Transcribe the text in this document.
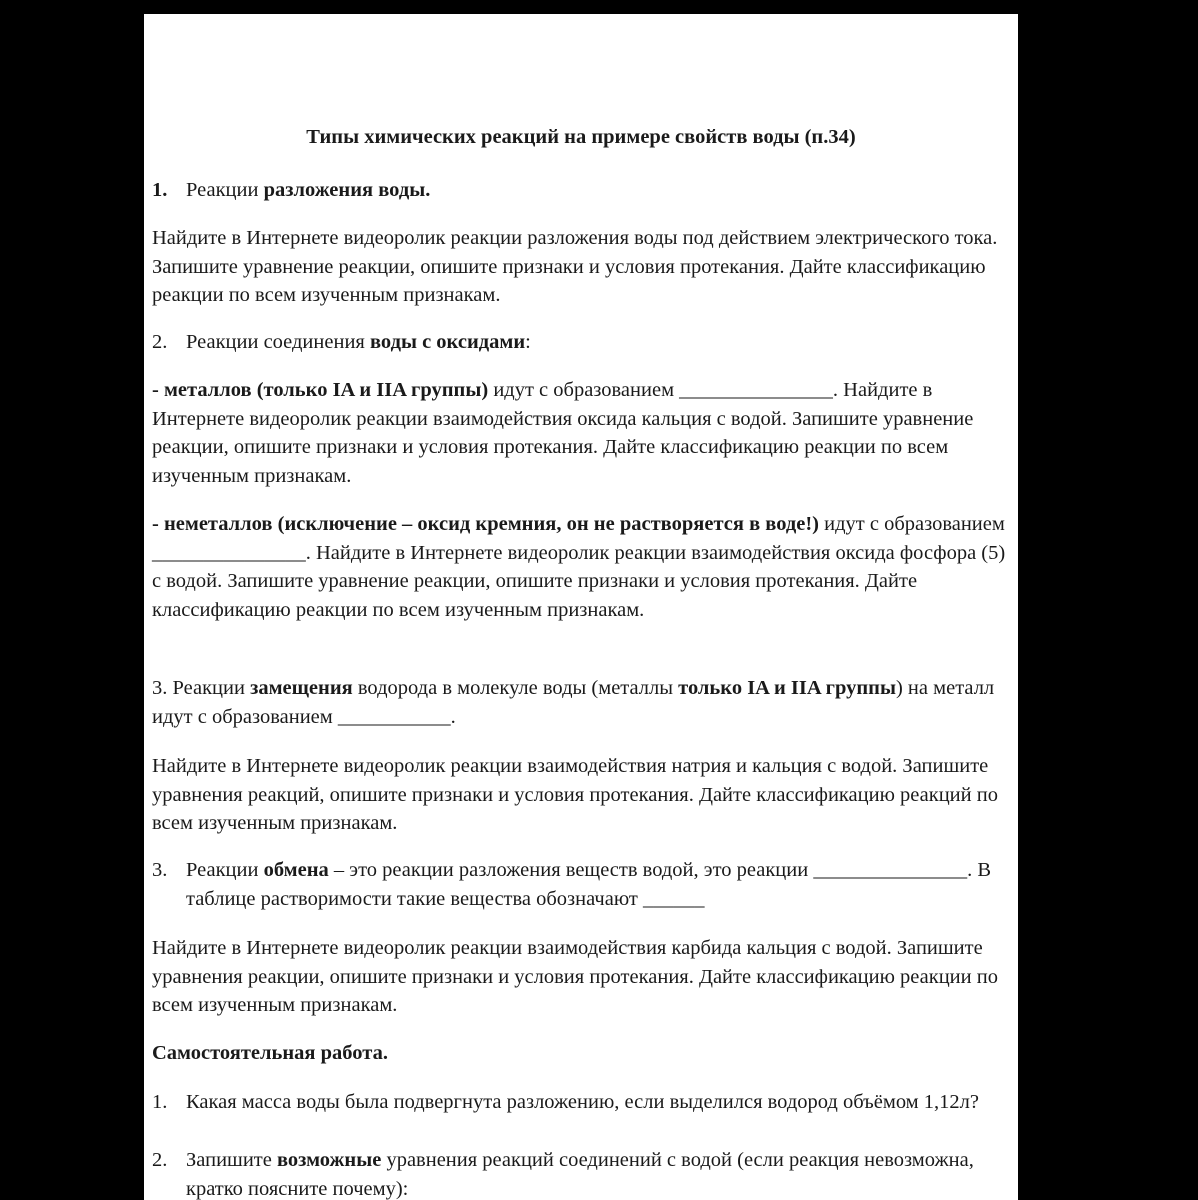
Типы химических реакций на примере свойств воды (п.34)

1. Реакции разложения воды.

Найдите в Интернете видеоролик реакции разложения воды под действием электрического тока. Запишите уравнение реакции, опишите признаки и условия протекания. Дайте классификацию реакции по всем изученным признакам.

2. Реакции соединения воды с оксидами:

- металлов (только IA и IIA группы) идут с образованием _______________. Найдите в Интернете видеоролик реакции взаимодействия оксида кальция с водой. Запишите уравнение реакции, опишите признаки и условия протекания. Дайте классификацию реакции по всем изученным признакам.

- неметаллов (исключение – оксид кремния, он не растворяется в воде!) идут с образованием _______________. Найдите в Интернете видеоролик реакции взаимодействия оксида фосфора (5) с водой. Запишите уравнение реакции, опишите признаки и условия протекания. Дайте классификацию реакции по всем изученным признакам.

3. Реакции замещения водорода в молекуле воды (металлы только IA и IIA группы) на металл идут с образованием ___________.

Найдите в Интернете видеоролик реакции взаимодействия натрия и кальция с водой. Запишите уравнения реакций, опишите признаки и условия протекания. Дайте классификацию реакций по всем изученным признакам.

3. Реакции обмена – это реакции разложения веществ водой, это реакции _______________. В таблице растворимости такие вещества обозначают ______

Найдите в Интернете видеоролик реакции взаимодействия карбида кальция с водой. Запишите уравнения реакции, опишите признаки и условия протекания. Дайте классификацию реакции по всем изученным признакам.

Самостоятельная работа.

1. Какая масса воды была подвергнута разложению, если выделился водород объёмом 1,12л?

2. Запишите возможные уравнения реакций соединений с водой (если реакция невозможна, кратко поясните почему):
